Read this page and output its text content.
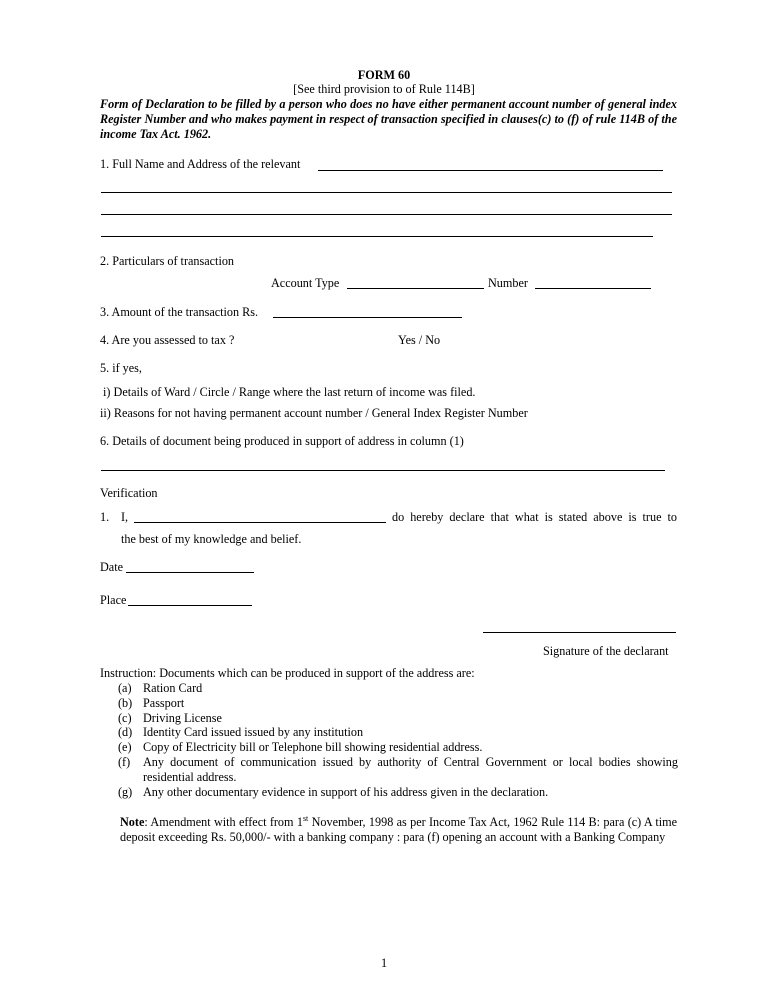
FORM 60
[See third provision to of Rule 114B]
Form of Declaration to be filled by a person who does no have either permanent account number of general index Register Number and who makes payment in respect of transaction specified in clauses(c) to (f) of rule 114B of the income Tax Act. 1962.
1. Full Name and Address of the relevant
2. Particulars of transaction
Account Type	Number
3. Amount of the transaction Rs.
4. Are you assessed to tax ?	Yes / No
5. if yes,
i) Details of Ward / Circle / Range where the last return of income was filed.
ii) Reasons for not having permanent account number / General Index Register Number
6. Details of document being produced in support of address in column (1)
Verification
1. I,	do hereby declare that what is stated above is true to
the best of my knowledge and belief.
Date
Place
Signature of the declarant
Instruction: Documents which can be produced in support of the address are:
(a) Ration Card
(b) Passport
(c) Driving License
(d) Identity Card issued issued by any institution
(e) Copy of Electricity bill or Telephone bill showing residential address.
(f)	Any document of communication issued by authority of Central Government or local bodies showing residential address.
(g) Any other documentary evidence in support of his address given in the declaration.
Note: Amendment with effect from 1st November, 1998 as per Income Tax Act, 1962 Rule 114 B: para (c) A time deposit exceeding Rs. 50,000/- with a banking company : para (f) opening an account with a Banking Company
1
